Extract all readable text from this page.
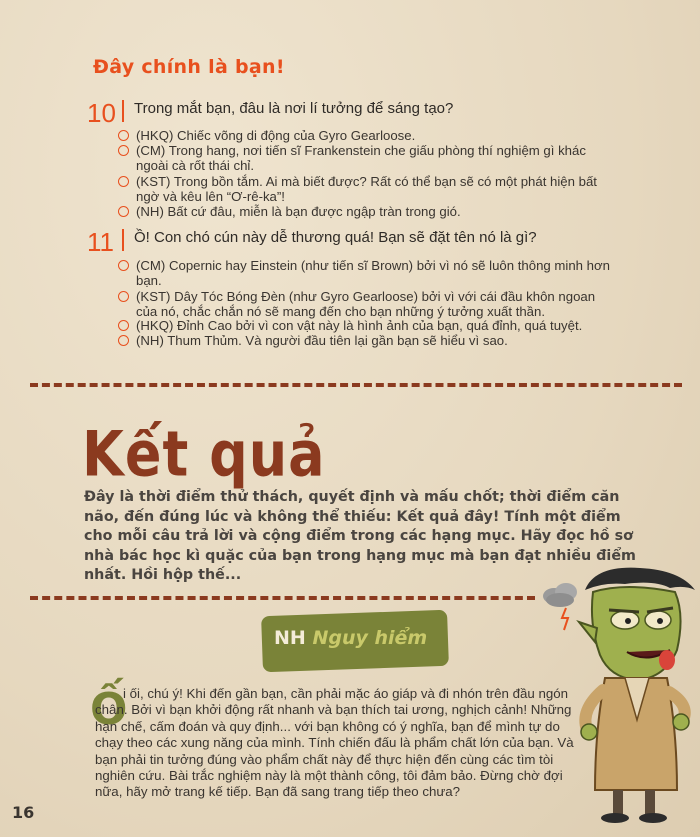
Đây chính là bạn!
10 Trong mắt bạn, đâu là nơi lí tưởng để sáng tạo?
(HKQ) Chiếc võng di động của Gyro Gearloose.
(CM) Trong hang, nơi tiến sĩ Frankenstein che giấu phòng thí nghiệm gì khác ngoài cà rốt thái chỉ.
(KST) Trong bồn tắm. Ai mà biết được? Rất có thể bạn sẽ có một phát hiện bất ngờ và kêu lên “Ơ-rê-ka”!
(NH) Bất cứ đâu, miễn là bạn được ngập tràn trong gió.
11 Ồ! Con chó cún này dễ thương quá! Bạn sẽ đặt tên nó là gì?
(CM) Copernic hay Einstein (như tiến sĩ Brown) bởi vì nó sẽ luôn thông minh hơn bạn.
(KST) Dây Tóc Bóng Đèn (như Gyro Gearloose) bởi vì với cái đầu khôn ngoan của nó, chắc chắn nó sẽ mang đến cho bạn những ý tưởng xuất thần.
(HKQ) Đỉnh Cao bởi vì con vật này là hình ảnh của bạn, quá đỉnh, quá tuyệt.
(NH) Thum Thủm. Và người đầu tiên lại gần bạn sẽ hiểu vì sao.
Kết quả
Đây là thời điểm thử thách, quyết định và mấu chốt; thời điểm căn não, đến đúng lúc và không thể thiếu: Kết quả đây! Tính một điểm cho mỗi câu trả lời và cộng điểm trong các hạng mục. Hãy đọc hồ sơ nhà bác học kì quặc của bạn trong hạng mục mà bạn đạt nhiều điểm nhất. Hồi hộp thế...
NH Nguy hiểm
Ố
i ối, chú ý! Khi đến gần bạn, cần phải mặc áo giáp và đi nhón trên đầu ngón chân. Bởi vì bạn khởi động rất nhanh và bạn thích tai ương, nghịch cảnh! Những hạn chế, cấm đoán và quy định... với bạn không có ý nghĩa, bạn để mình tự do chạy theo các xung năng của mình. Tính chiến đấu là phẩm chất lớn của bạn. Và bạn phải tin tưởng đúng vào phẩm chất này để thực hiện đến cùng các tìm tòi nghiên cứu. Bài trắc nghiệm này là một thành công, tôi đảm bảo. Đừng chờ đợi nữa, hãy mở trang kế tiếp. Bạn đã sang trang tiếp theo chưa?
16
